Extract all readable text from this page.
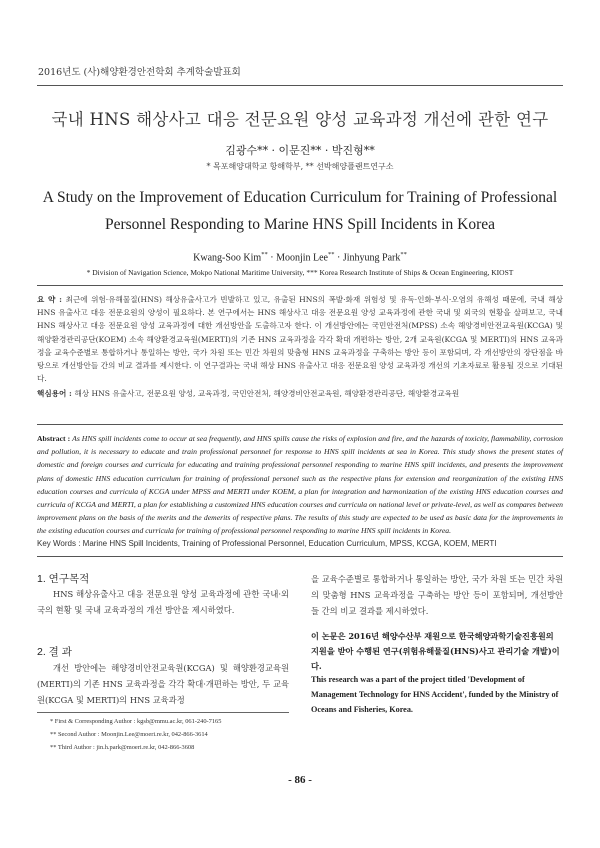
2016년도 (사)해양환경안전학회 추계학술발표회
국내 HNS 해상사고 대응 전문요원 양성 교육과정 개선에 관한 연구
김광수** · 이문진** · 박진형**
* 목포해양대학교 항해학부, ** 선박해양플랜트연구소
A Study on the Improvement of Education Curriculum for Training of Professional Personnel Responding to Marine HNS Spill Incidents in Korea
Kwang-Soo Kim** · Moonjin Lee** · Jinhyung Park**
* Division of Navigation Science, Mokpo National Maritime University, *** Korea Research Institute of Ships & Ocean Engineering, KIOST
요 약 : 최근에 위험·유해물질(HNS) 해상유출사고가 빈발하고 있고, 유출된 HNS의 폭발·화재 위험성 및 유독·인화·부식·오염의 유해성 때문에, 국내 해상 HNS 유출사고 대응 전문요원의 양성이 필요하다. 본 연구에서는 HNS 해상사고 대응 전문요원 양성 교육과정에 관한 국내 및 외국의 현황을 살펴보고, 국내 HNS 해상사고 대응 전문요원 양성 교육과정에 대한 개선방안을 도출하고자 한다. 이 개선방안에는 국민안전처(MPSS) 소속 해양경비안전교육원(KCGA) 및 해양환경관리공단(KOEM) 소속 해양환경교육원(MERTI)의 기존 HNS 교육과정을 각각 확대 개편하는 방안, 2개 교육원(KCGA 및 MERTI)의 HNS 교육과정을 교육수준별로 통합하거나 통일하는 방안, 국가 차원 또는 민간 차원의 맞춤형 HNS 교육과정을 구축하는 방안 등이 포함되며, 각 개선방안의 장단점을 바탕으로 개선방안들 간의 비교 결과를 제시한다. 이 연구결과는 국내 해상 HNS 유출사고 대응 전문요원 양성 교육과정 개선의 기초자료로 활용될 것으로 기대된다.
핵심용어 : 해상 HNS 유출사고, 전문요원 양성, 교육과정, 국민안전처, 해양경비안전교육원, 해양환경관리공단, 해양환경교육원
Abstract : As HNS spill incidents come to occur at sea frequently, and HNS spills cause the risks of explosion and fire, and the hazards of toxicity, flammability, corrosion and pollution, it is necessary to educate and train professional personnel for response to HNS spill incidents at sea in Korea. This study shows the present states of domestic and foreign courses and curricula for educating and training professional personnel responding to marine HNS spill incidents, and presents the improvement plans of domestic HNS education curriculum for training of professional personel such as the respective plans for extension and reorganization of the existing HNS education courses and curricula of KCGA under MPSS and MERTI under KOEM, a plan for integration and harmonization of the existing HNS education courses and curricula of KCGA and MERTI, a plan for establishing a customized HNS education courses and curricula on national level or private-level, as well as compares between improvement plans on the basis of the merits and the demerits of respective plans. The results of this study are expected to be used as basic data for the improvements in the existing education courses and curricula for training of professional personnel responding to marine HNS spill incidents in Korea.
Key Words : Marine HNS Spill Incidents, Training of Professional Personnel, Education Curriculum, MPSS, KCGA, KOEM, MERTI
1. 연구목적
HNS 해상유출사고 대응 전문요원 양성 교육과정에 관한 국내·외국의 현황 및 국내 교육과정의 개선 방안을 제시하였다.
2. 결 과
개선 방안에는 해양경비안전교육원(KCGA) 및 해양환경교육원(MERTI)의 기존 HNS 교육과정을 각각 확대·개편하는 방안, 두 교육원(KCGA 및 MERTI)의 HNS 교육과정
을 교육수준별로 통합하거나 통일하는 방안, 국가 차원 또는 민간 차원의 맞춤형 HNS 교육과정을 구축하는 방안 등이 포함되며, 개선방안들 간의 비교 결과를 제시하였다.
이 논문은 2016년 해양수산부 재원으로 한국해양과학기술진흥원의 지원을 받아 수행된 연구(위험유해물질(HNS)사고 관리기술 개발)이다.
This research was a part of the project titled 'Development of Management Technology for HNS Accident', funded by the Ministry of Oceans and Fisheries, Korea.
* First & Corresponding Author : kgsb@mmu.ac.kr, 061-240-7165
** Second Author : Moonjin.Lee@moeri.re.kr, 042-866-3614
** Third Author : jin.h.park@moeri.re.kr, 042-866-3608
- 86 -
